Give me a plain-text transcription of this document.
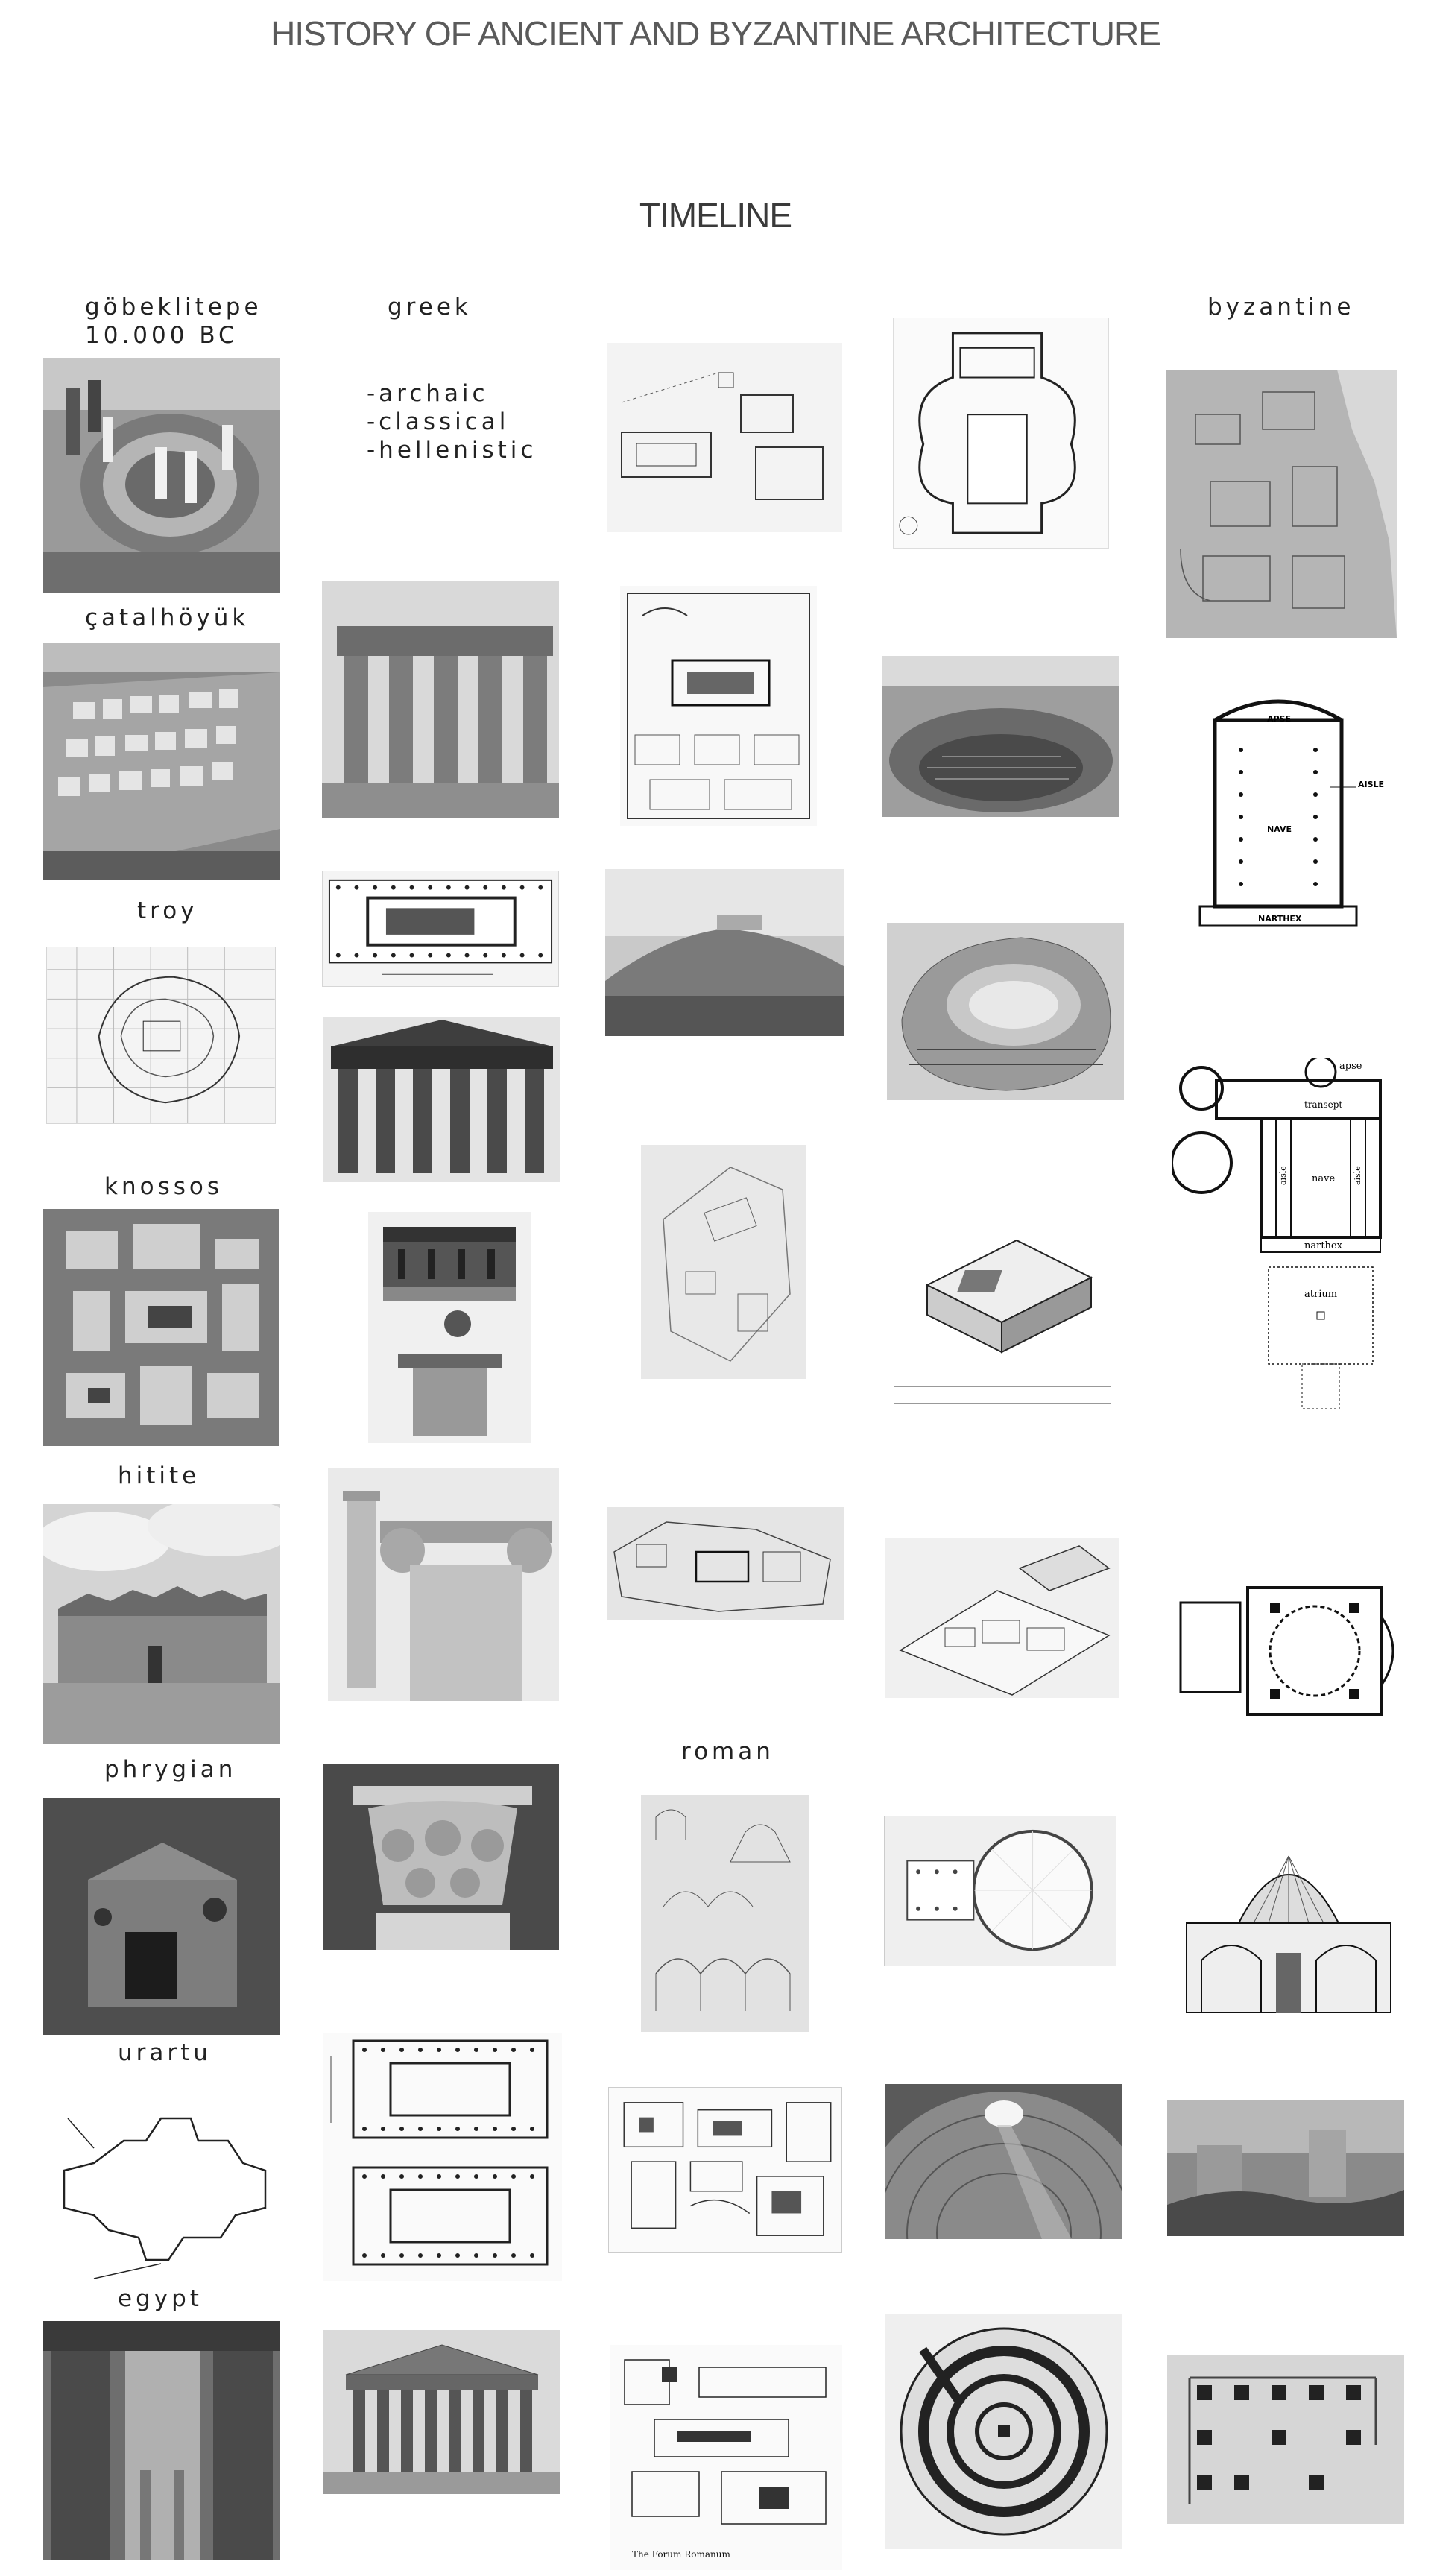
HISTORY OF ANCIENT AND BYZANTINE ARCHITECTURE
TIMELINE
göbeklitepe
10.000 BC
çatalhöyük
troy
knossos
hitite
phrygian
urartu
egypt
greek
-archaic
-classical
-hellenistic
roman
byzantine
The Forum Romanum
APSE
AISLE
NAVE
NARTHEX
apse
transept
nave
aisle	aisle
narthex
atrium
